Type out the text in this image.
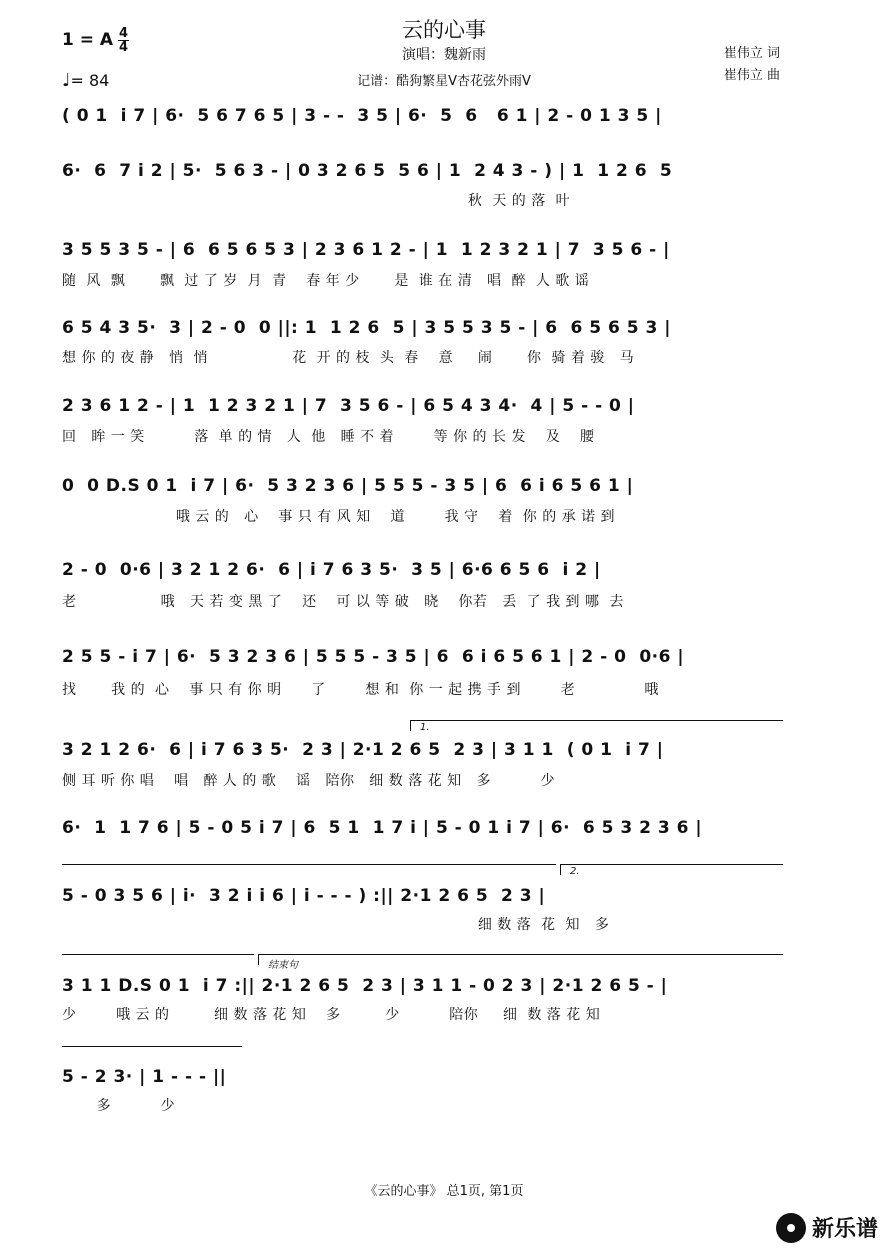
云的心事
演唱：魏新雨
记谱：酷狗繁星V杏花弦外雨V
崔伟立 词
崔伟立 曲
1 = A 4
4
♩= 84
( 0 1  i 7 | 6·  5 6 7 6 5 | 3 - -  3 5 | 6·  5  6   6 1 | 2 - 0 1 3 5 |
6·  6  7 i 2 | 5·  5 6 3 - | 0 3 2 6 5  5 6 | 1  2 4 3 - ) | 1  1 2 6  5
秋  天 的 落  叶
3 5 5 3 5 - | 6  6 5 6 5 3 | 2 3 6 1 2 - | 1  1 2 3 2 1 | 7  3 5 6 - |
随  风  飘       飘  过 了 岁  月  青    春 年 少       是  谁 在 清   唱  醉  人 歌 谣
6 5 4 3 5·  3 | 2 - 0  0 ||: 1  1 2 6  5 | 3 5 5 3 5 - | 6  6 5 6 5 3 |
想 你 的 夜 静   悄  悄                 花  开 的 枝  头  春    意     闹       你  骑 着 骏   马
2 3 6 1 2 - | 1  1 2 3 2 1 | 7  3 5 6 - | 6 5 4 3 4·  4 | 5 - - 0 |
回   眸 一 笑          落  单 的 情   人  他   睡 不 着        等 你 的 长 发    及    腰
0  0 D.S 0 1  i 7 | 6·  5 3 2 3 6 | 5 5 5 - 3 5 | 6  6 i 6 5 6 1 |
哦 云 的   心    事 只 有 风 知    道        我 守    着  你 的 承 诺 到
2 - 0  0·6 | 3 2 1 2 6·  6 | i 7 6 3 5·  3 5 | 6·6 6 5 6  i 2 |
老                 哦   天 若 变 黑 了    还    可 以 等 破   晓    你若   丢  了 我 到 哪  去
2 5 5 - i 7 | 6·  5 3 2 3 6 | 5 5 5 - 3 5 | 6  6 i 6 5 6 1 | 2 - 0  0·6 |
找       我 的  心    事 只 有 你 明      了        想 和  你 一 起 携 手 到        老              哦
1.
3 2 1 2 6·  6 | i 7 6 3 5·  2 3 | 2·1 2 6 5  2 3 | 3 1 1  ( 0 1  i 7 |
侧 耳 听 你 唱    唱   醉 人 的 歌    谣   陪你   细 数 落 花 知   多          少
6·  1  1 7 6 | 5 - 0 5 i 7 | 6  5 1  1 7 i | 5 - 0 1 i 7 | 6·  6 5 3 2 3 6 |
2.
5 - 0 3 5 6 | i·  3 2 i i 6 | i - - - ) :|| 2·1 2 6 5  2 3 |
细 数 落  花  知   多
结束句
3 1 1 D.S 0 1  i 7 :|| 2·1 2 6 5  2 3 | 3 1 1 - 0 2 3 | 2·1 2 6 5 - |
少        哦 云 的         细 数 落 花 知    多         少          陪你     细  数 落 花 知
5 - 2 3· | 1 - - - ||
多          少
《云的心事》 总1页, 第1页
新乐谱
